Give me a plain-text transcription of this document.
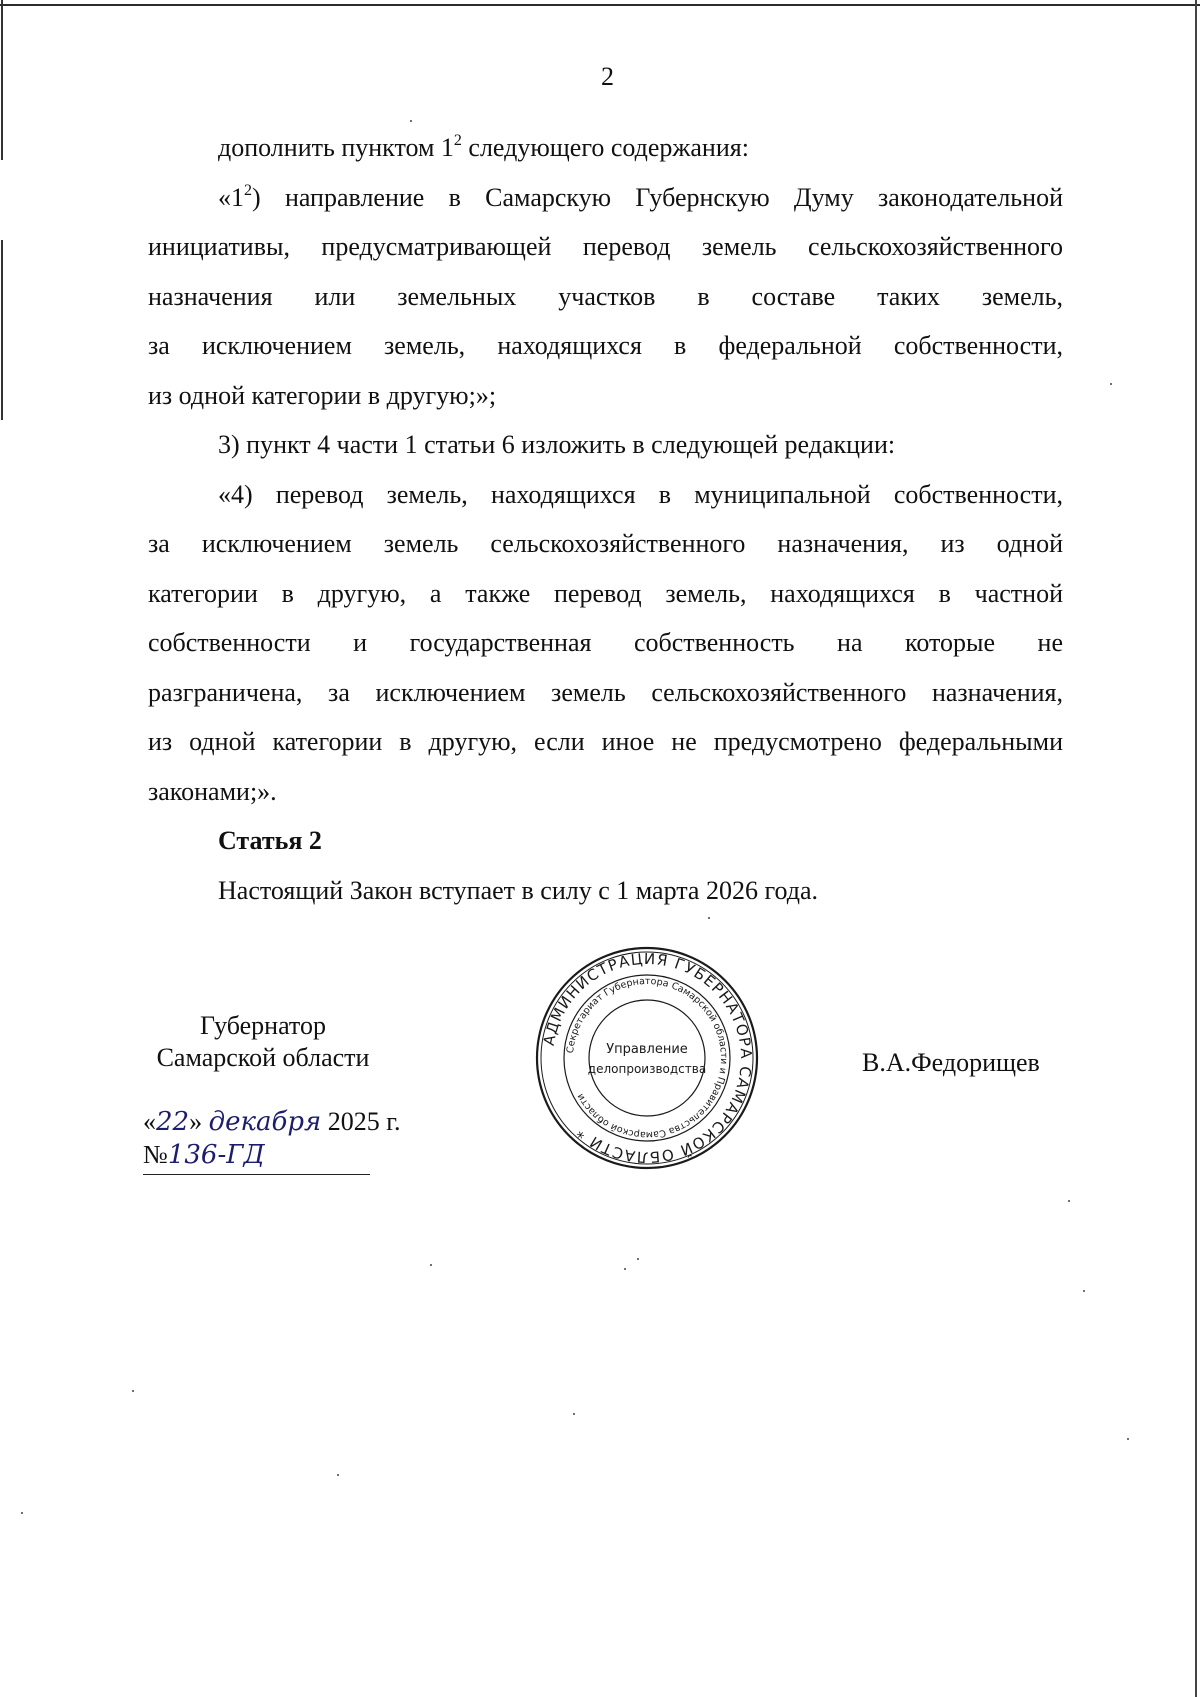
2
дополнить пунктом $1^2$ следующего содержания:
«$1^2$) направление в Самарскую Губернскую Думу законодательной
инициативы, предусматривающей перевод земель сельскохозяйственного
назначения или земельных участков в составе таких земель,
за исключением земель, находящихся в федеральной собственности,
из одной категории в другую;»;
3) пункт 4 части 1 статьи 6 изложить в следующей редакции:
«4) перевод земель, находящихся в муниципальной собственности,
за исключением земель сельскохозяйственного назначения, из одной
категории в другую, а также перевод земель, находящихся в частной
собственности и государственная собственность на которые не
разграничена, за исключением земель сельскохозяйственного назначения,
из одной категории в другую, если иное не предусмотрено федеральными
законами;».
Статья 2
Настоящий Закон вступает в силу с 1 марта 2026 года.
Губернатор
Самарской области
«22» декабря 2025 г.
№136-ГД
В.А.Федорищев
АДМИНИСТРАЦИЯ ГУБЕРНАТОРА САМАРСКОЙ ОБЛАСТИ *
Секретариат Губернатора Самарской области и Правительства Самарской области
Управление
делопроизводства
